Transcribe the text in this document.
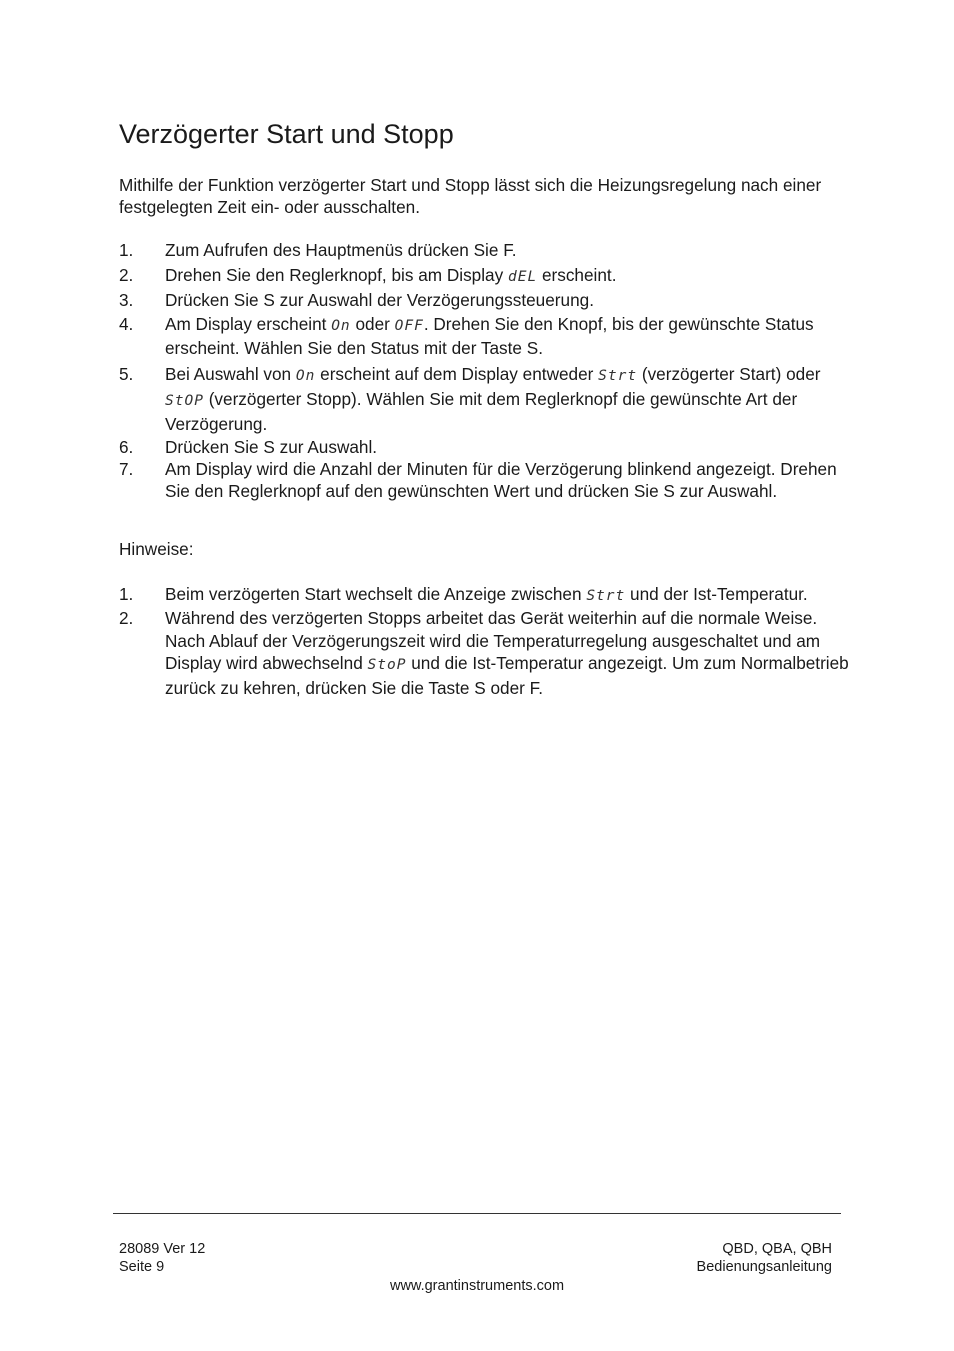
Verzögerter Start und Stopp

Mithilfe der Funktion verzögerter Start und Stopp lässt sich die Heizungsregelung nach einer festgelegten Zeit ein- oder ausschalten.

1. Zum Aufrufen des Hauptmenüs drücken Sie F.
2. Drehen Sie den Reglerknopf, bis am Display dEL erscheint.
3. Drücken Sie S zur Auswahl der Verzögerungssteuerung.
4. Am Display erscheint On oder OFF. Drehen Sie den Knopf, bis der gewünschte Status erscheint. Wählen Sie den Status mit der Taste S.
5. Bei Auswahl von On erscheint auf dem Display entweder Strt (verzögerter Start) oder StOP (verzögerter Stopp). Wählen Sie mit dem Reglerknopf die gewünschte Art der Verzögerung.
6. Drücken Sie S zur Auswahl.
7. Am Display wird die Anzahl der Minuten für die Verzögerung blinkend angezeigt. Drehen Sie den Reglerknopf auf den gewünschten Wert und drücken Sie S zur Auswahl.

Hinweise:

1. Beim verzögerten Start wechselt die Anzeige zwischen Strt und der Ist-Temperatur.
2. Während des verzögerten Stopps arbeitet das Gerät weiterhin auf die normale Weise. Nach Ablauf der Verzögerungszeit wird die Temperaturregelung ausgeschaltet und am Display wird abwechselnd StoP und die Ist-Temperatur angezeigt. Um zum Normalbetrieb zurück zu kehren, drücken Sie die Taste S oder F.
28089 Ver 12
Seite 9
QBD, QBA, QBH
Bedienungsanleitung
www.grantinstruments.com
